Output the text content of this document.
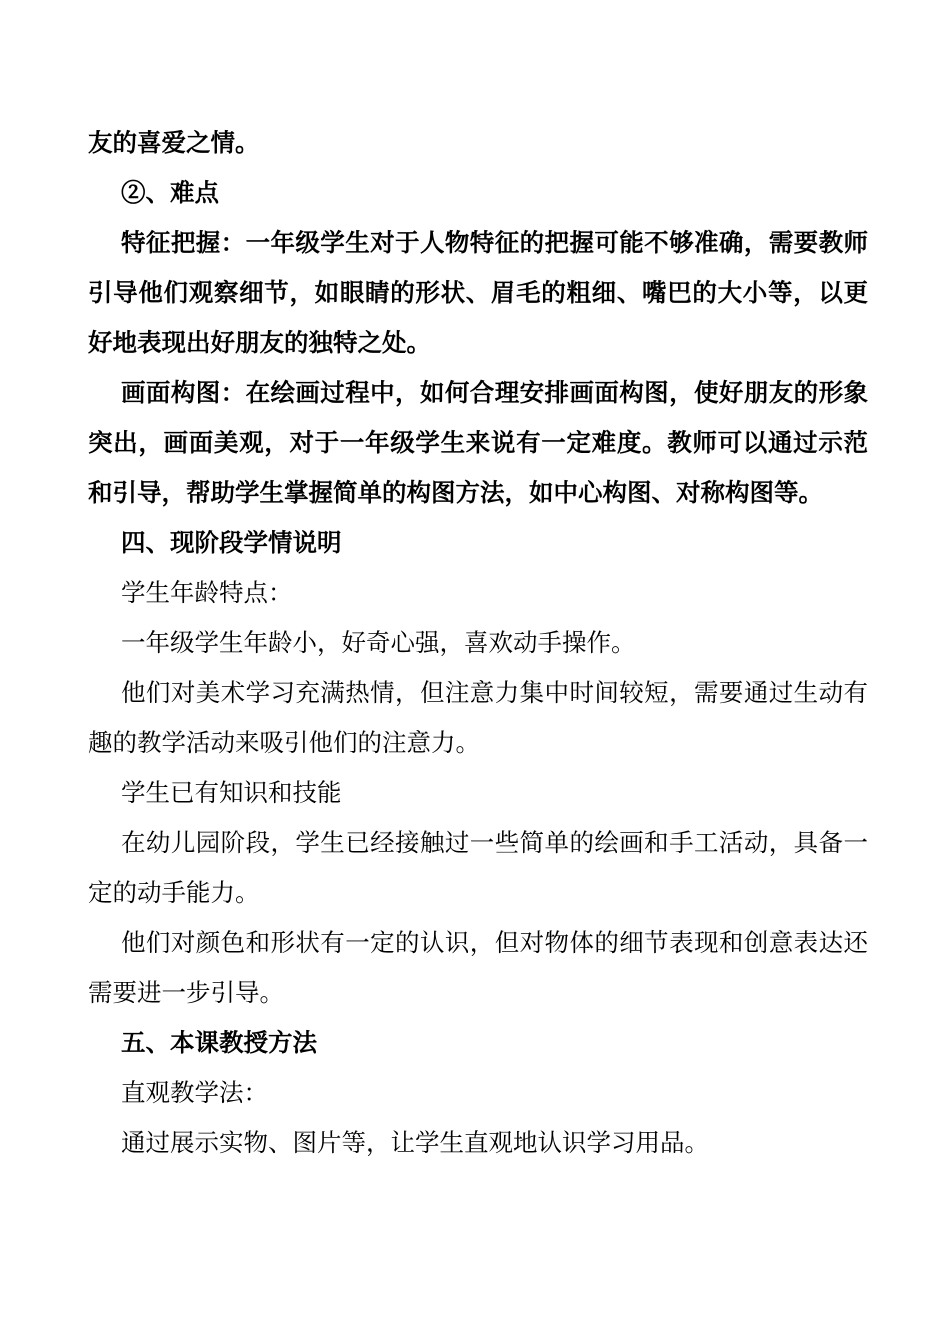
友的喜爱之情。

②、难点

特征把握：一年级学生对于人物特征的把握可能不够准确，需要教师引导他们观察细节，如眼睛的形状、眉毛的粗细、嘴巴的大小等，以更好地表现出好朋友的独特之处。

画面构图：在绘画过程中，如何合理安排画面构图，使好朋友的形象突出，画面美观，对于一年级学生来说有一定难度。教师可以通过示范和引导，帮助学生掌握简单的构图方法，如中心构图、对称构图等。

四、现阶段学情说明

学生年龄特点：

一年级学生年龄小，好奇心强，喜欢动手操作。

他们对美术学习充满热情，但注意力集中时间较短，需要通过生动有趣的教学活动来吸引他们的注意力。

学生已有知识和技能

在幼儿园阶段，学生已经接触过一些简单的绘画和手工活动，具备一定的动手能力。

他们对颜色和形状有一定的认识，但对物体的细节表现和创意表达还需要进一步引导。

五、本课教授方法

直观教学法：

通过展示实物、图片等，让学生直观地认识学习用品。
